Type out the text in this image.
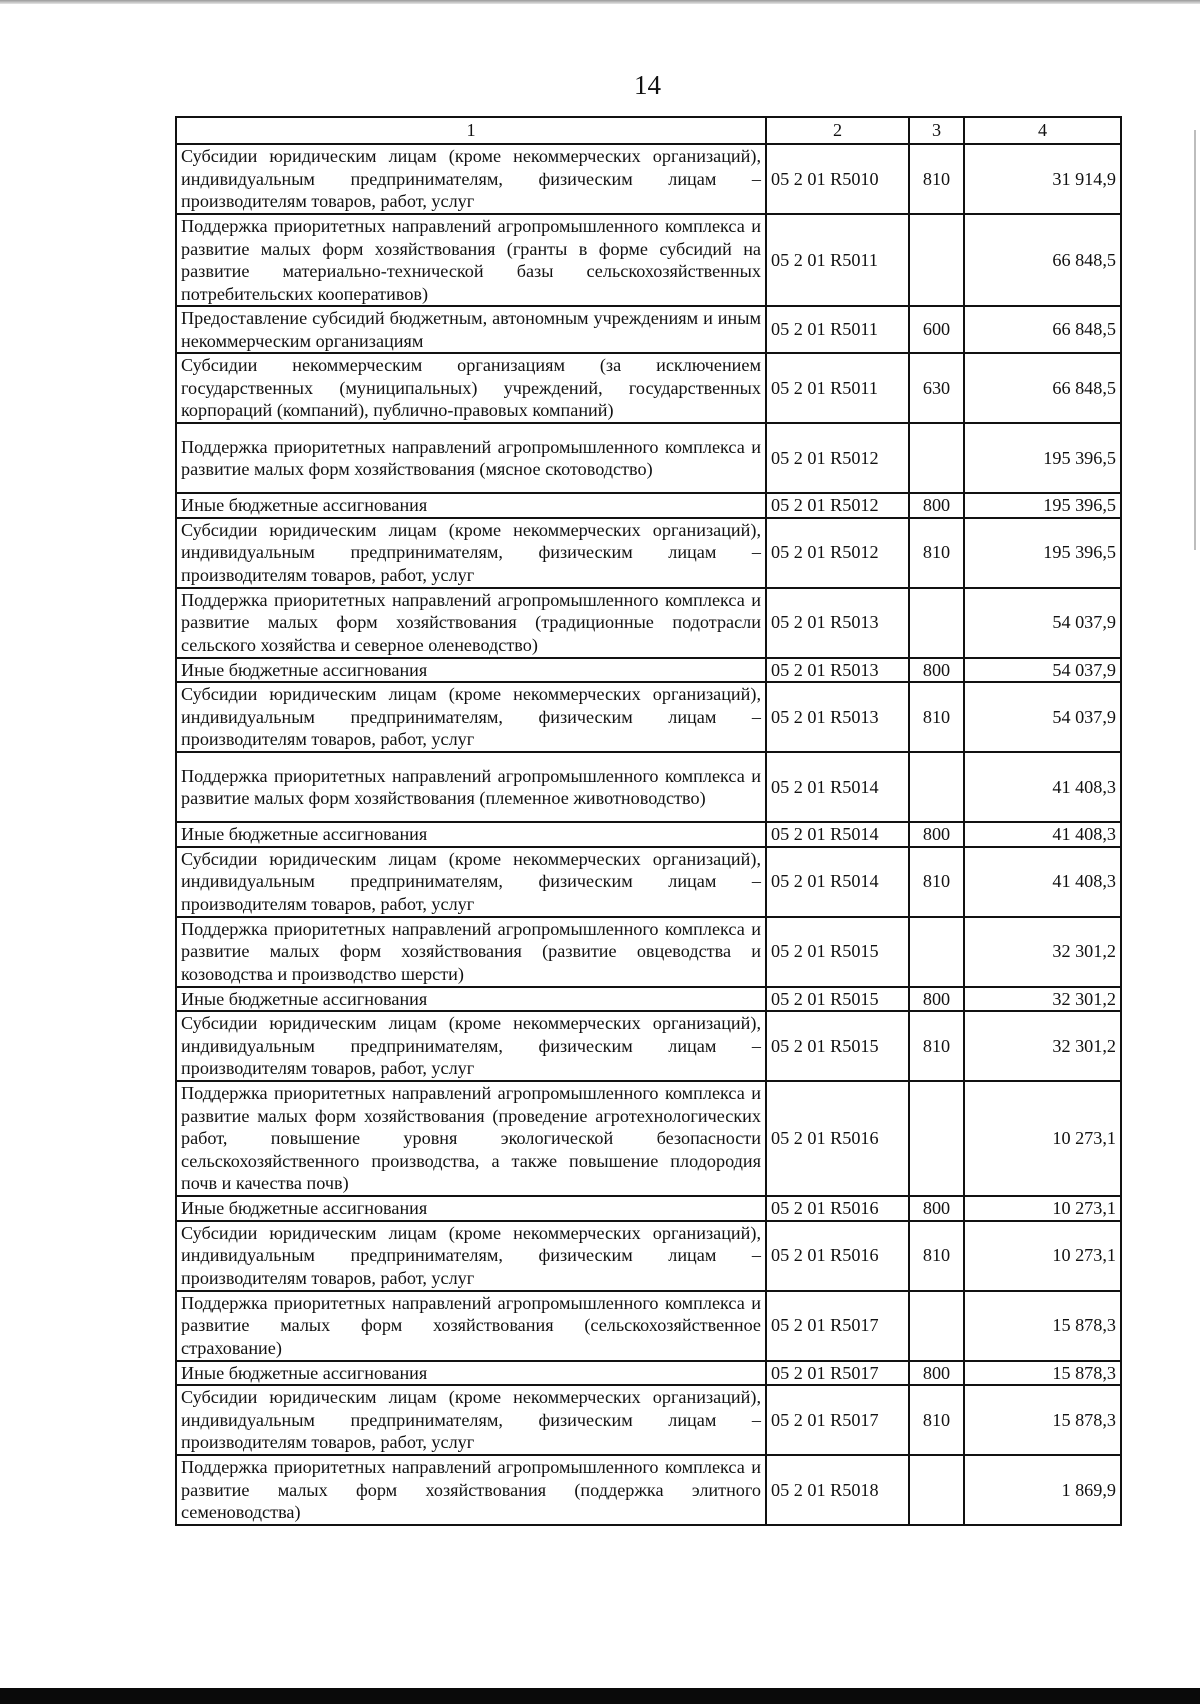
14
1	2	3	4
Субсидии юридическим лицам (кроме некоммерческих организаций), индивидуальным предпринимателям, физическим лицам – производителям товаров, работ, услуг	05 2 01 R5010	810	31 914,9
Поддержка приоритетных направлений агропромышленного комплекса и развитие малых форм хозяйствования (гранты в форме субсидий на развитие материально-технической базы сельскохозяйственных потребительских кооперативов)	05 2 01 R5011		66 848,5
Предоставление субсидий бюджетным, автономным учреждениям и иным некоммерческим организациям	05 2 01 R5011	600	66 848,5
Субсидии некоммерческим организациям (за исключением государственных (муниципальных) учреждений, государственных корпораций (компаний), публично-правовых компаний)	05 2 01 R5011	630	66 848,5
Поддержка приоритетных направлений агропромышленного комплекса и развитие малых форм хозяйствования (мясное скотоводство)	05 2 01 R5012		195 396,5
Иные бюджетные ассигнования	05 2 01 R5012	800	195 396,5
Субсидии юридическим лицам (кроме некоммерческих организаций), индивидуальным предпринимателям, физическим лицам – производителям товаров, работ, услуг	05 2 01 R5012	810	195 396,5
Поддержка приоритетных направлений агропромышленного комплекса и развитие малых форм хозяйствования (традиционные подотрасли сельского хозяйства и северное оленеводство)	05 2 01 R5013		54 037,9
Иные бюджетные ассигнования	05 2 01 R5013	800	54 037,9
Субсидии юридическим лицам (кроме некоммерческих организаций), индивидуальным предпринимателям, физическим лицам – производителям товаров, работ, услуг	05 2 01 R5013	810	54 037,9
Поддержка приоритетных направлений агропромышленного комплекса и развитие малых форм хозяйствования (племенное животноводство)	05 2 01 R5014		41 408,3
Иные бюджетные ассигнования	05 2 01 R5014	800	41 408,3
Субсидии юридическим лицам (кроме некоммерческих организаций), индивидуальным предпринимателям, физическим лицам – производителям товаров, работ, услуг	05 2 01 R5014	810	41 408,3
Поддержка приоритетных направлений агропромышленного комплекса и развитие малых форм хозяйствования (развитие овцеводства и козоводства и производство шерсти)	05 2 01 R5015		32 301,2
Иные бюджетные ассигнования	05 2 01 R5015	800	32 301,2
Субсидии юридическим лицам (кроме некоммерческих организаций), индивидуальным предпринимателям, физическим лицам – производителям товаров, работ, услуг	05 2 01 R5015	810	32 301,2
Поддержка приоритетных направлений агропромышленного комплекса и развитие малых форм хозяйствования (проведение агротехнологических работ, повышение уровня экологической безопасности сельскохозяйственного производства, а также повышение плодородия почв и качества почв)	05 2 01 R5016		10 273,1
Иные бюджетные ассигнования	05 2 01 R5016	800	10 273,1
Субсидии юридическим лицам (кроме некоммерческих организаций), индивидуальным предпринимателям, физическим лицам – производителям товаров, работ, услуг	05 2 01 R5016	810	10 273,1
Поддержка приоритетных направлений агропромышленного комплекса и развитие малых форм хозяйствования (сельскохозяйственное страхование)	05 2 01 R5017		15 878,3
Иные бюджетные ассигнования	05 2 01 R5017	800	15 878,3
Субсидии юридическим лицам (кроме некоммерческих организаций), индивидуальным предпринимателям, физическим лицам – производителям товаров, работ, услуг	05 2 01 R5017	810	15 878,3
Поддержка приоритетных направлений агропромышленного комплекса и развитие малых форм хозяйствования (поддержка элитного семеноводства)	05 2 01 R5018		1 869,9
